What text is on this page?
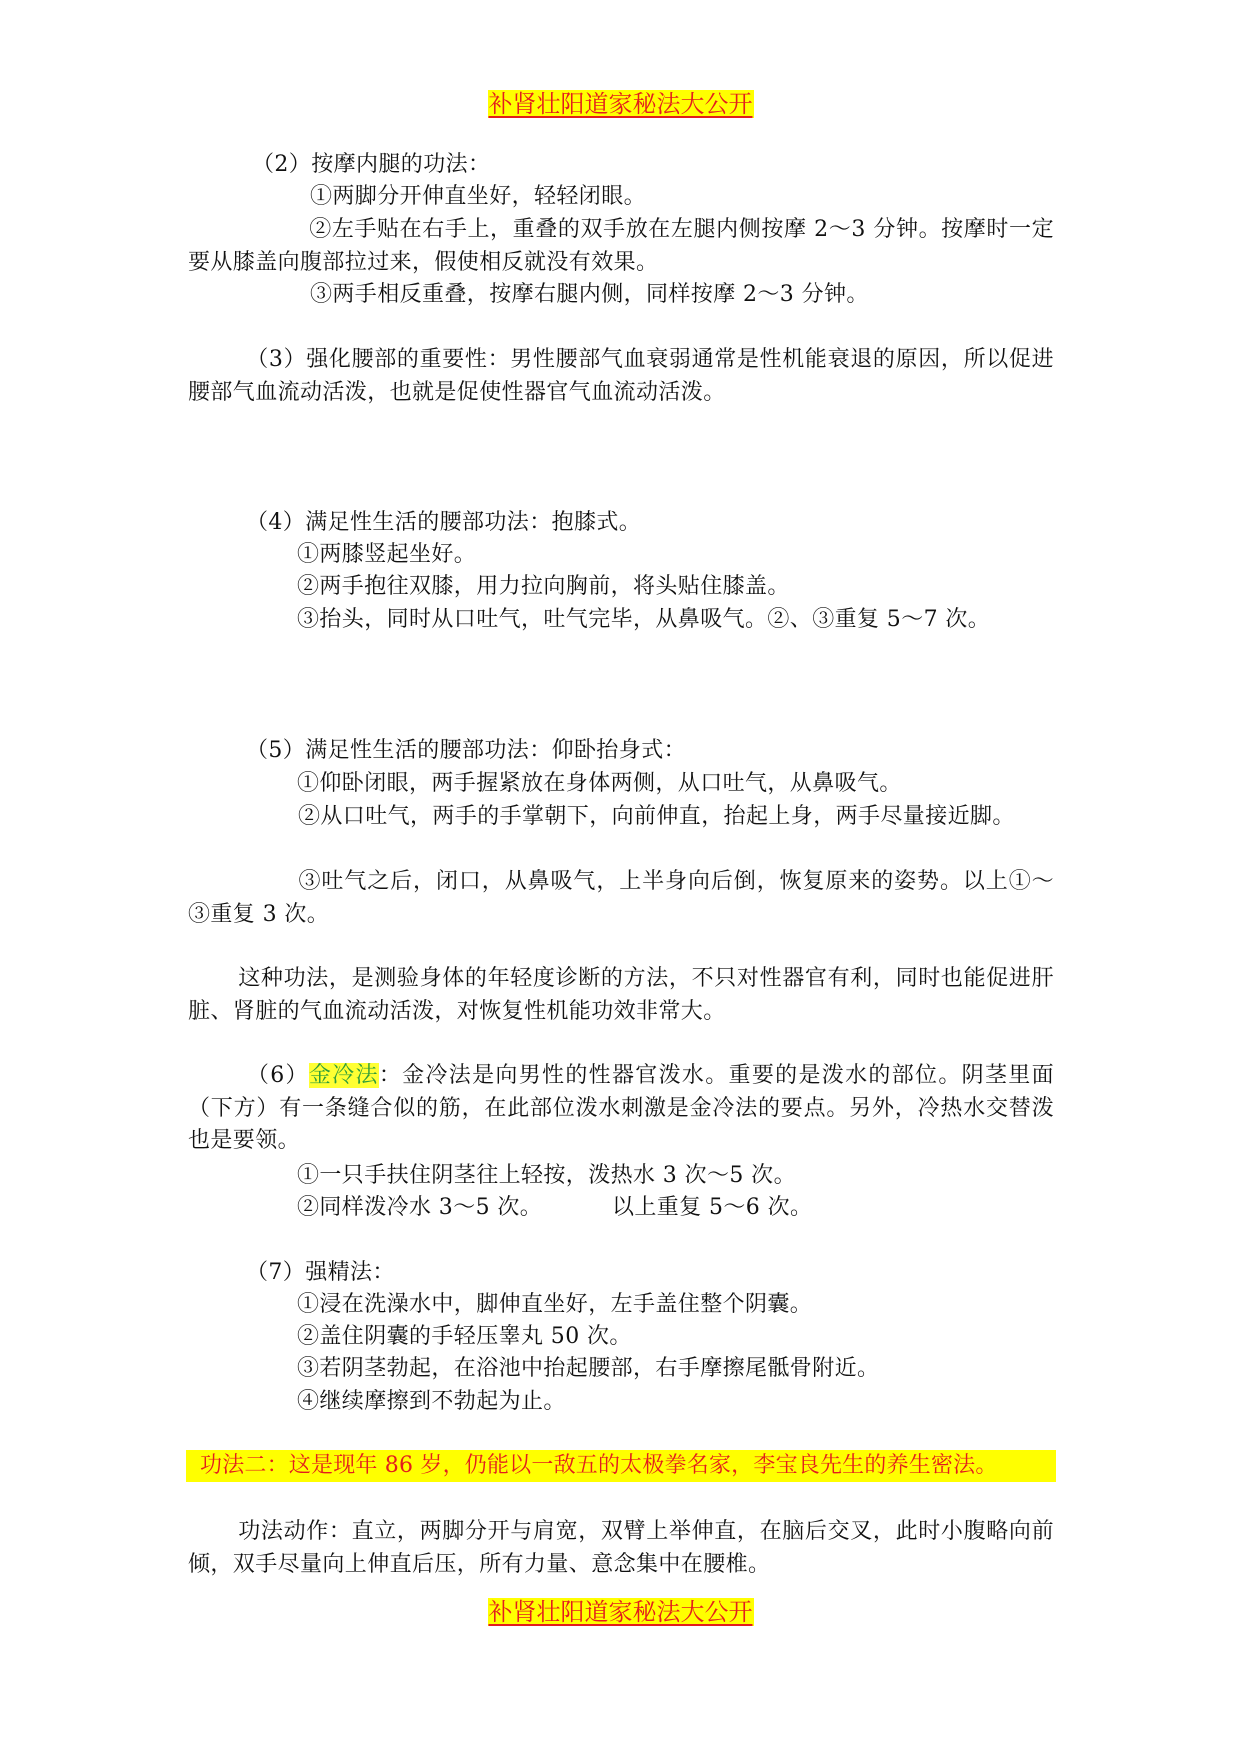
补肾壮阳道家秘法大公开
（2）按摩内腿的功法：
①两脚分开伸直坐好，轻轻闭眼。
②左手贴在右手上，重叠的双手放在左腿内侧按摩 2～3 分钟。按摩时一定要从膝盖向腹部拉过来，假使相反就没有效果。
③两手相反重叠，按摩右腿内侧，同样按摩 2～3 分钟。
（3）强化腰部的重要性：男性腰部气血衰弱通常是性机能衰退的原因，所以促进腰部气血流动活泼，也就是促使性器官气血流动活泼。
（4）满足性生活的腰部功法：抱膝式。
①两膝竖起坐好。
②两手抱往双膝，用力拉向胸前，将头贴住膝盖。
③抬头，同时从口吐气，吐气完毕，从鼻吸气。②、③重复 5～7 次。
（5）满足性生活的腰部功法：仰卧抬身式：
①仰卧闭眼，两手握紧放在身体两侧，从口吐气，从鼻吸气。
②从口吐气，两手的手掌朝下，向前伸直，抬起上身，两手尽量接近脚。
③吐气之后，闭口，从鼻吸气，上半身向后倒，恢复原来的姿势。以上①～③重复 3 次。
这种功法，是测验身体的年轻度诊断的方法，不只对性器官有利，同时也能促进肝脏、肾脏的气血流动活泼，对恢复性机能功效非常大。
（6）金冷法：金冷法是向男性的性器官泼水。重要的是泼水的部位。阴茎里面（下方）有一条缝合似的筋，在此部位泼水刺激是金冷法的要点。另外，冷热水交替泼也是要领。
①一只手扶住阴茎往上轻按，泼热水 3 次～5 次。
②同样泼冷水 3～5 次。	以上重复 5～6 次。
（7）强精法：
①浸在洗澡水中，脚伸直坐好，左手盖住整个阴囊。
②盖住阴囊的手轻压睾丸 50 次。
③若阴茎勃起，在浴池中抬起腰部，右手摩擦尾骶骨附近。
④继续摩擦到不勃起为止。
功法二：这是现年 86 岁，仍能以一敌五的太极拳名家，李宝良先生的养生密法。
功法动作：直立，两脚分开与肩宽，双臂上举伸直，在脑后交叉，此时小腹略向前倾，双手尽量向上伸直后压，所有力量、意念集中在腰椎。
补肾壮阳道家秘法大公开
